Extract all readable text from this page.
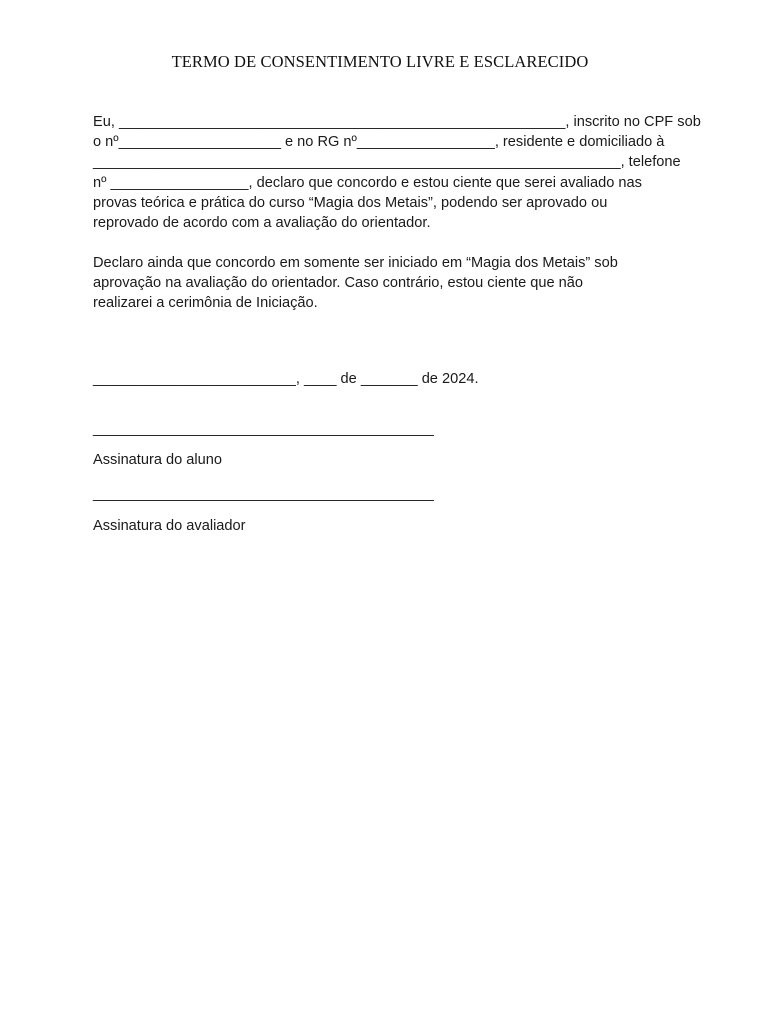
TERMO DE CONSENTIMENTO LIVRE E ESCLARECIDO
Eu, _______________________________________________________, inscrito no CPF sob
o nº____________________ e no RG nº_________________, residente e domiciliado à
_________________________________________________________________, telefone
nº _________________, declaro que concordo e estou ciente que serei avaliado nas
provas teórica e prática do curso “Magia dos Metais”, podendo ser aprovado ou
reprovado de acordo com a avaliação do orientador.
Declaro ainda que concordo em somente ser iniciado em “Magia dos Metais” sob
aprovação na avaliação do orientador. Caso contrário, estou ciente que não
realizarei a cerimônia de Iniciação.
_________________________, ____ de _______ de 2024.
__________________________________________
Assinatura do aluno
__________________________________________
Assinatura do avaliador
